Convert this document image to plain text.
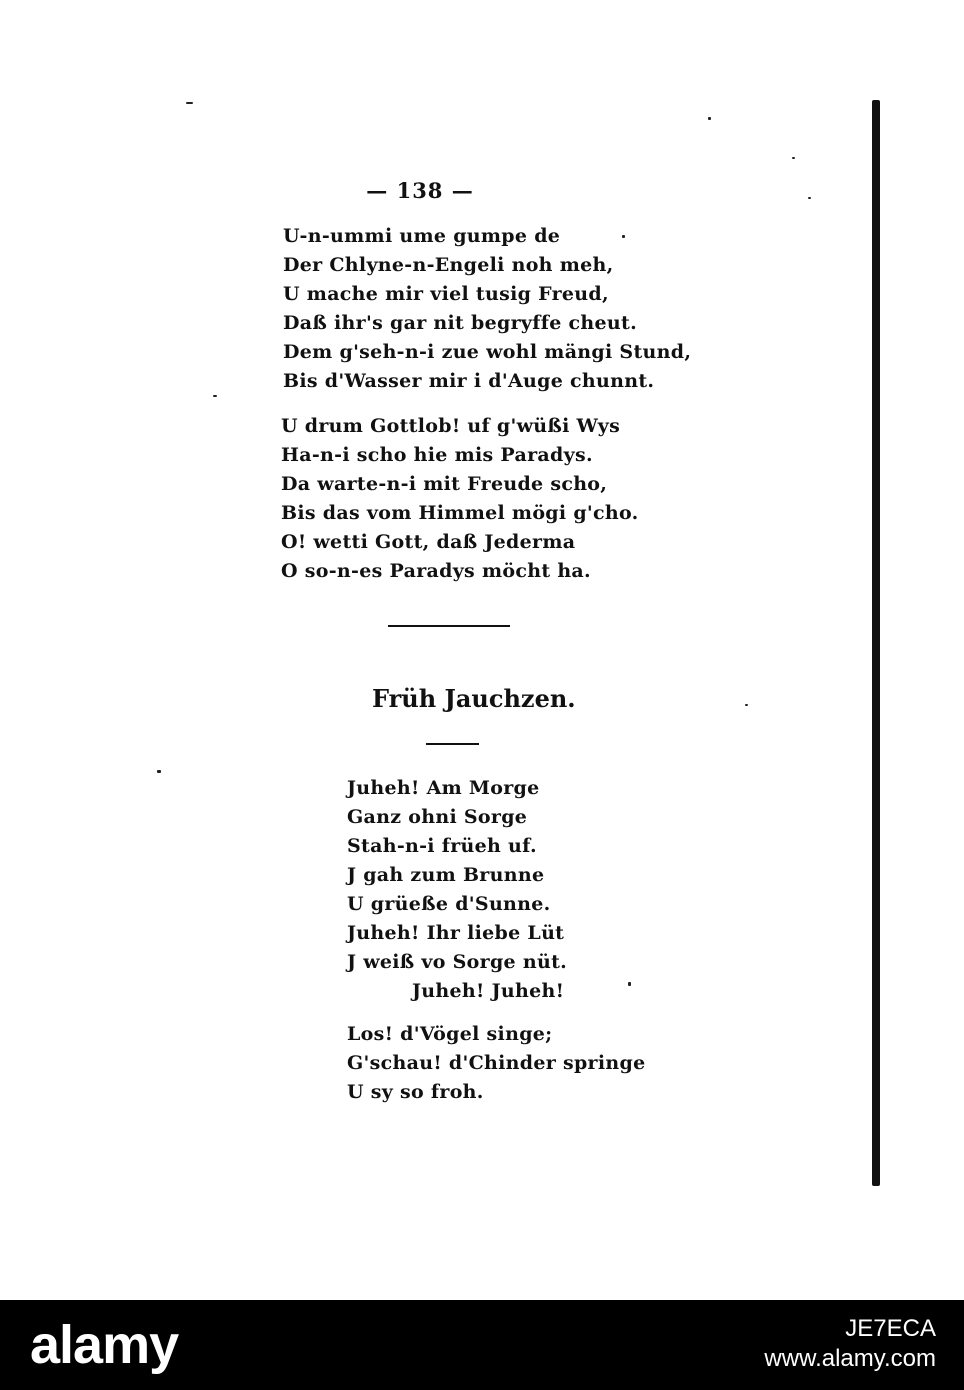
— 138 —
U-n-ummi ume gumpe de
Der Chlyne-n-Engeli noh meh,
U mache mir viel tusig Freud,
Daß ihr's gar nit begryffe cheut.
Dem g'seh-n-i zue wohl mängi Stund,
Bis d'Wasser mir i d'Auge chunnt.
U drum Gottlob! uf g'wüßi Wys
Ha-n-i scho hie mis Paradys.
Da warte-n-i mit Freude scho,
Bis das vom Himmel mögi g'cho.
O! wetti Gott, daß Jederma
O so-n-es Paradys möcht ha.
Früh Jauchzen.
Juheh! Am Morge
Ganz ohni Sorge
Stah-n-i früeh uf.
J gah zum Brunne
U grüeße d'Sunne.
Juheh! Ihr liebe Lüt
J weiß vo Sorge nüt.
Juheh! Juheh!
Los! d'Vögel singe;
G'schau! d'Chinder springe
U sy so froh.
alamy	JE7ECA
www.alamy.com
